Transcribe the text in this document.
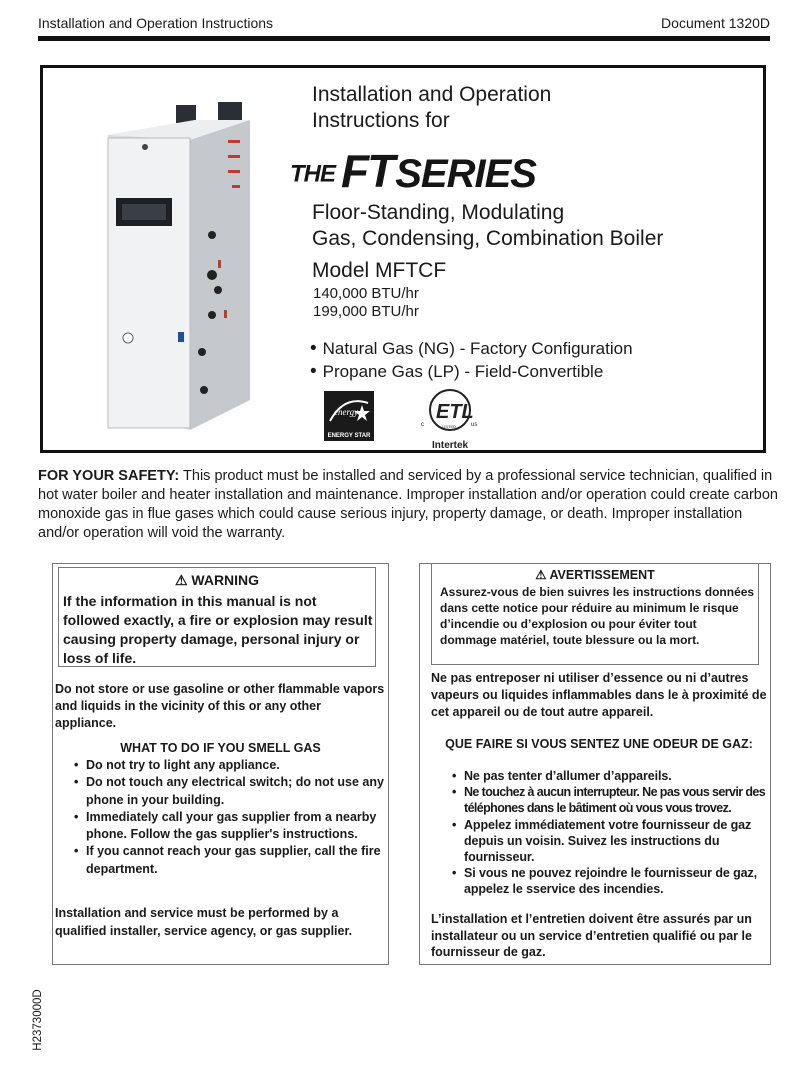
Installation and Operation Instructions	Document 1320D
Installation and Operation
Instructions for
THE FTSERIES
Floor-Standing, Modulating
Gas, Condensing, Combination Boiler
Model MFTCF
140,000 BTU/hr
199,000 BTU/hr
• Natural Gas (NG) - Factory Configuration
• Propane Gas (LP) - Field-Convertible
energy
ENERGY STAR
ETL
c	us
LISTED
Intertek
FOR YOUR SAFETY: This product must be installed and serviced by a professional service technician, qualified in hot water boiler and heater installation and maintenance. Improper installation and/or operation could create carbon monoxide gas in flue gases which could cause serious injury, property damage, or death. Improper installation and/or operation will void the warranty.
⚠ WARNING
If the information in this manual is not followed exactly, a fire or explosion may result causing property damage, personal injury or loss of life.
Do not store or use gasoline or other flammable vapors and liquids in the vicinity of this or any other appliance.
WHAT TO DO IF YOU SMELL GAS
• Do not try to light any appliance.
• Do not touch any electrical switch; do not use any phone in your building.
• Immediately call your gas supplier from a nearby phone. Follow the gas supplier's instructions.
• If you cannot reach your gas supplier, call the fire department.
Installation and service must be performed by a qualified installer, service agency, or gas supplier.
⚠ AVERTISSEMENT
Assurez-vous de bien suivres les instructions données dans cette notice pour réduire au minimum le risque d’incendie ou d’explosion ou pour éviter tout dommage matériel, toute blessure ou la mort.
Ne pas entreposer ni utiliser d’essence ou ni d’autres vapeurs ou liquides inflammables dans le à proximité de cet appareil ou de tout autre appareil.
QUE FAIRE SI VOUS SENTEZ UNE ODEUR DE GAZ:
• Ne pas tenter d’allumer d’appareils.
• Ne touchez à aucun interrupteur. Ne pas vous servir des téléphones dans le bâtiment où vous vous trovez.
• Appelez immédiatement votre fournisseur de gaz depuis un voisin. Suivez les instructions du fournisseur.
• Si vous ne pouvez rejoindre le fournisseur de gaz, appelez le sservice des incendies.
L’installation et l’entretien doivent être assurés par un installateur ou un service d’entretien qualifié ou par le fournisseur de gaz.
H2373000D
